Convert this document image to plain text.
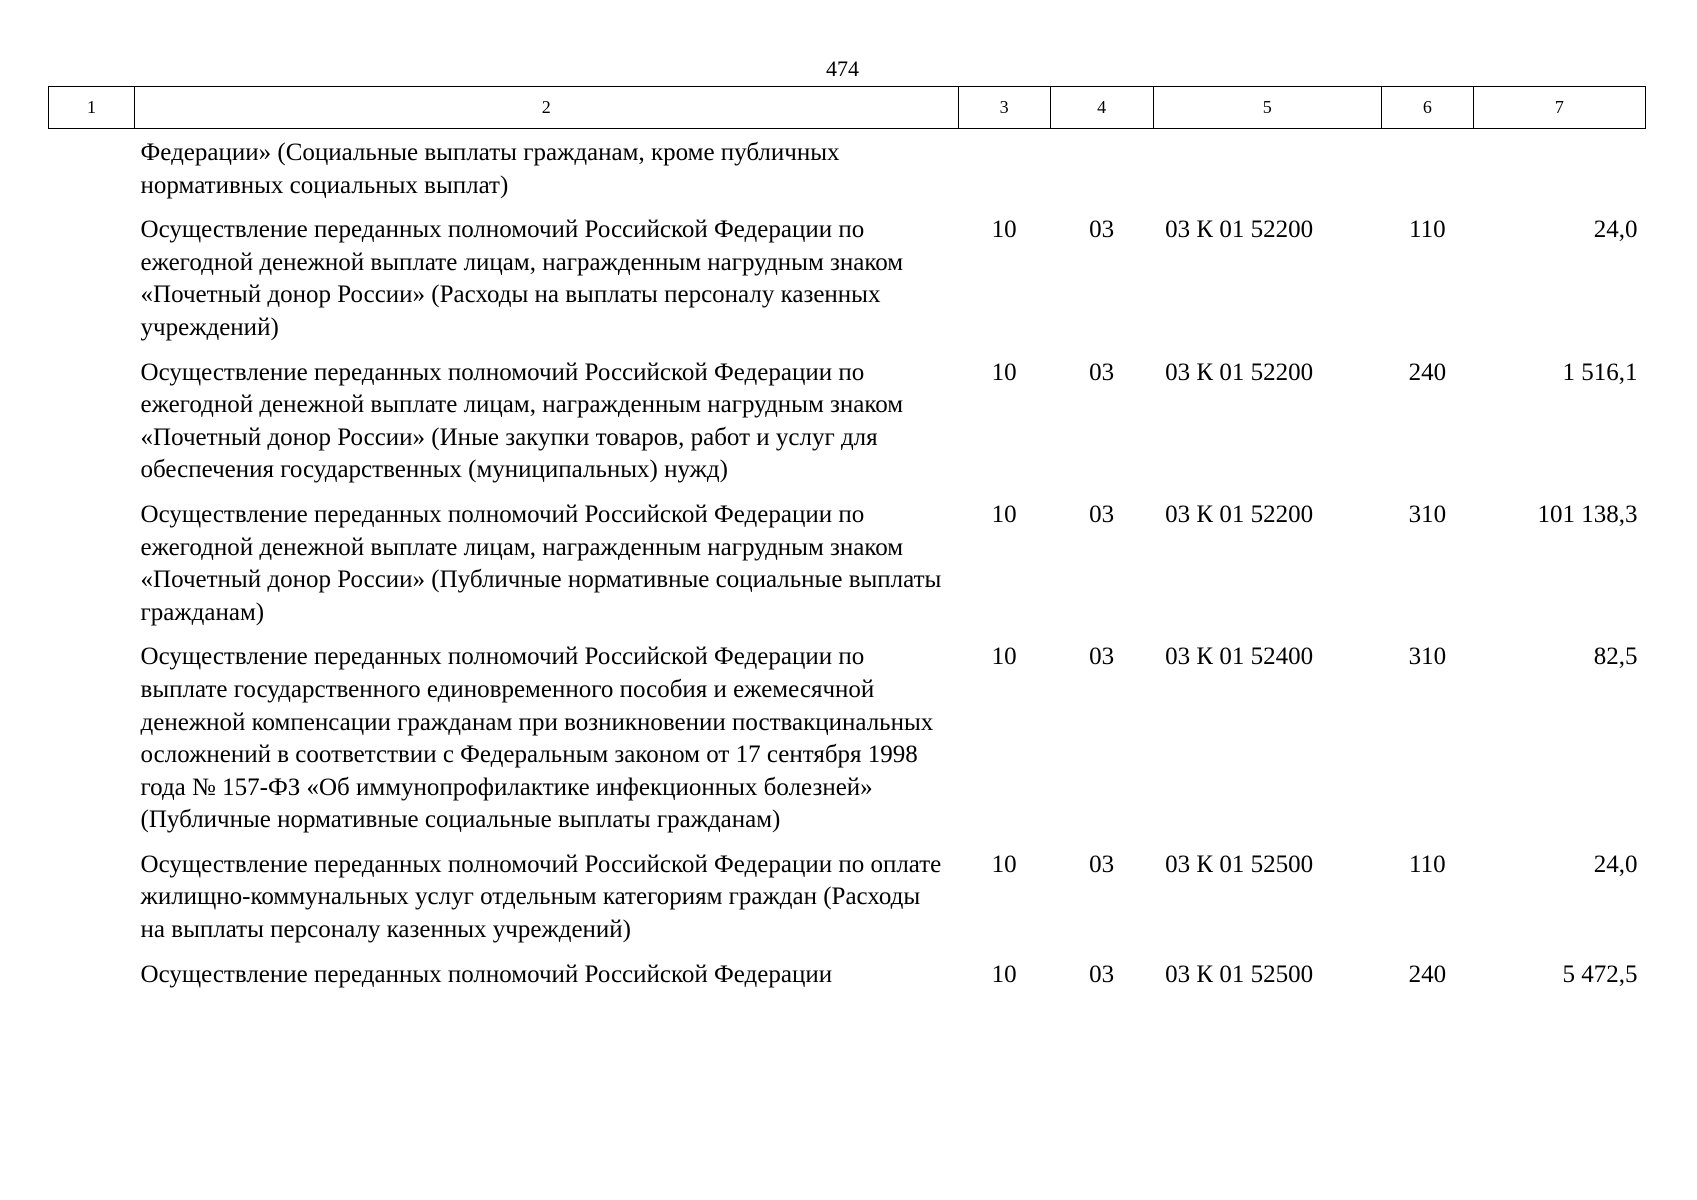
474
1	2	3	4	5	6	7
	Федерации» (Социальные выплаты гражданам, кроме публичных нормативных социальных выплат)					
	Осуществление переданных полномочий Российской Федерации по ежегодной денежной выплате лицам, награжденным нагрудным знаком «Почетный донор России» (Расходы на выплаты персоналу казенных учреждений)	10	03	03 К 01 52200	110	24,0
	Осуществление переданных полномочий Российской Федерации по ежегодной денежной выплате лицам, награжденным нагрудным знаком «Почетный донор России» (Иные закупки товаров, работ и услуг для обеспечения государственных (муниципальных) нужд)	10	03	03 К 01 52200	240	1 516,1
	Осуществление переданных полномочий Российской Федерации по ежегодной денежной выплате лицам, награжденным нагрудным знаком «Почетный донор России» (Публичные нормативные социальные выплаты гражданам)	10	03	03 К 01 52200	310	101 138,3
	Осуществление переданных полномочий Российской Федерации по выплате государственного единовременного пособия и ежемесячной денежной компенсации гражданам при возникновении поствакцинальных осложнений в соответствии с Федеральным законом от 17 сентября 1998 года № 157-ФЗ «Об иммунопрофилактике инфекционных болезней» (Публичные нормативные социальные выплаты гражданам)	10	03	03 К 01 52400	310	82,5
	Осуществление переданных полномочий Российской Федерации по оплате жилищно-коммунальных услуг отдельным категориям граждан (Расходы на выплаты персоналу казенных учреждений)	10	03	03 К 01 52500	110	24,0
	Осуществление переданных полномочий Российской Федерации	10	03	03 К 01 52500	240	5 472,5
